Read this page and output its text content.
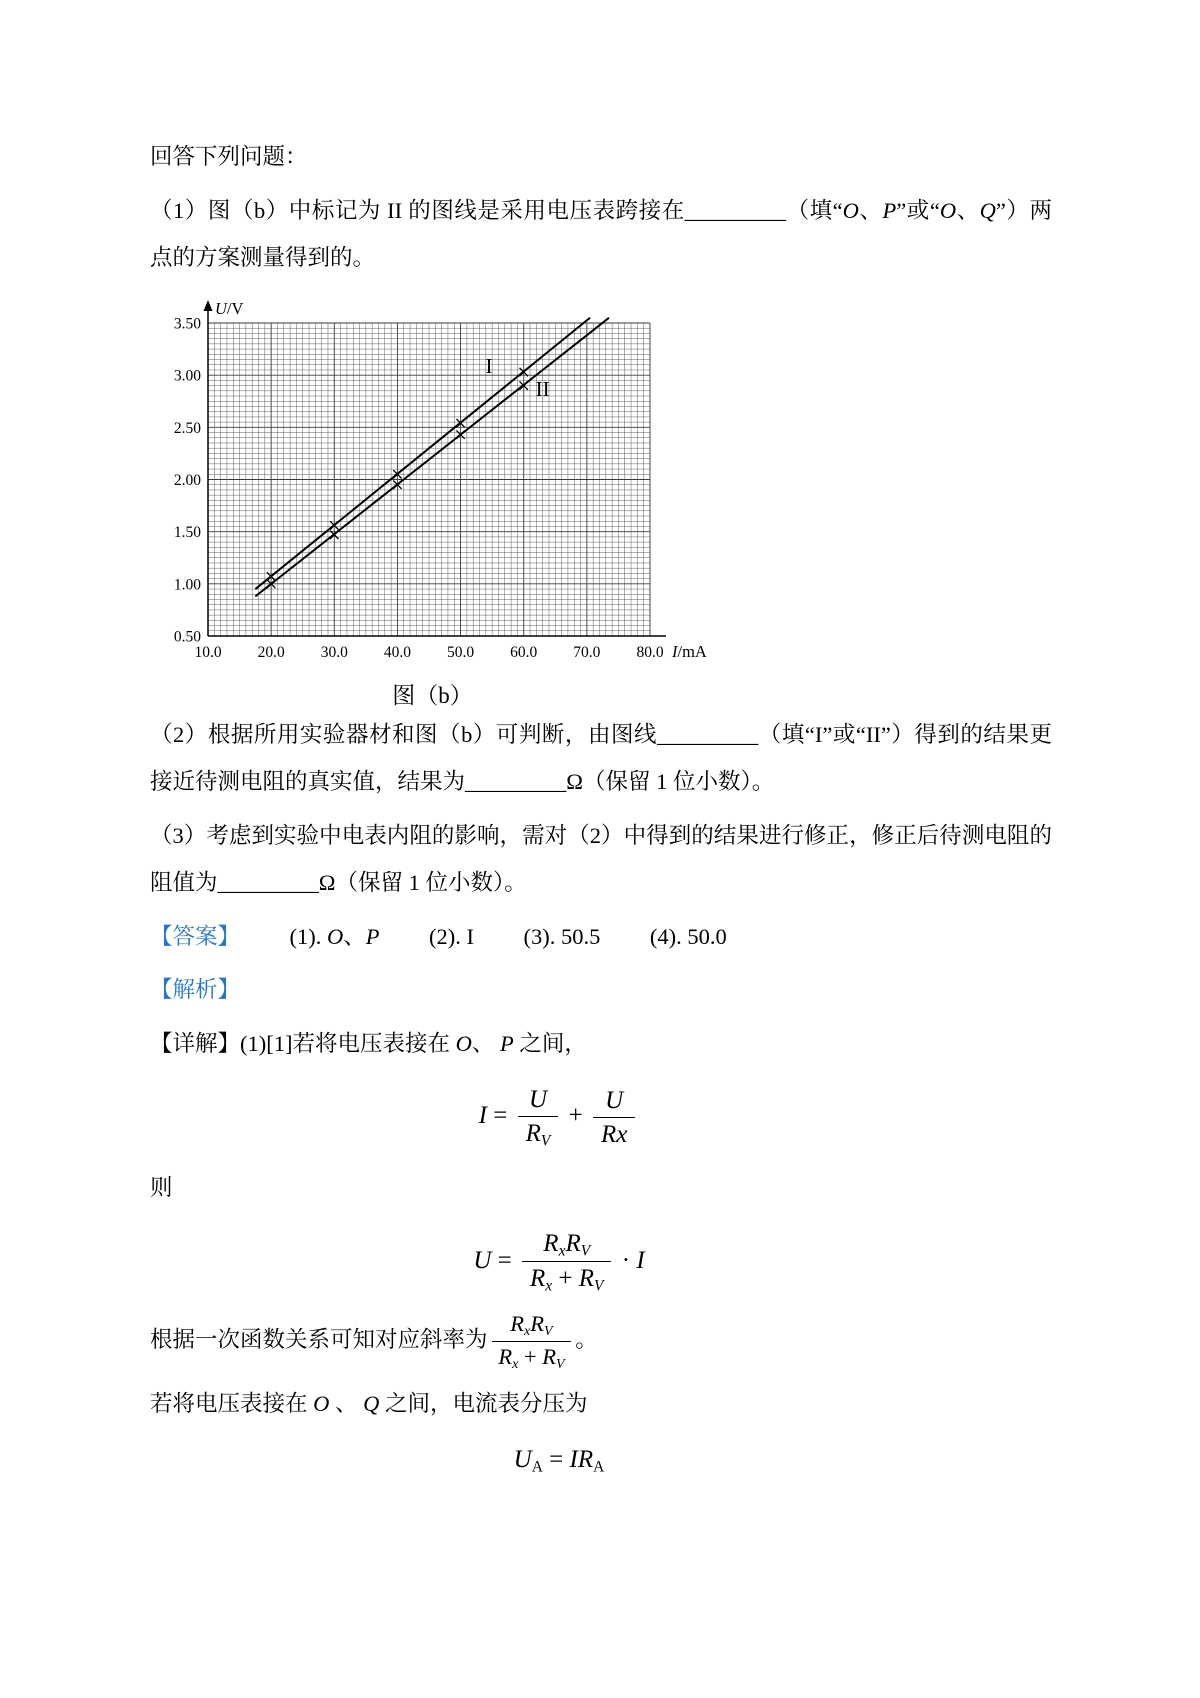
回答下列问题：

（1）图（b）中标记为 II 的图线是采用电压表跨接在_________（填“O、P”或“O、Q”）两点的方案测量得到的。

10.0 20.0 30.0 40.0 50.0 60.0 70.0 80.0
0.50
1.00
1.50
2.00
2.50
3.00
3.50
U/V
I/mA
I
II
图（b）

（2）根据所用实验器材和图（b）可判断，由图线_________（填“I”或“II”）得到的结果更接近待测电阻的真实值，结果为_________Ω（保留 1 位小数）。

（3）考虑到实验中电表内阻的影响，需对（2）中得到的结果进行修正，修正后待测电阻的阻值为_________Ω（保留 1 位小数）。

【答案】 (1). O、P (2). I (3). 50.5 (4). 50.0

【解析】

【详解】(1)[1]若将电压表接在 O、 P 之间，

$I = \frac{U}{RV} + \frac{U}{Rx}$

则

$U = \frac{\text{RxRV}}{Rx + RV} \cdot I$

根据一次函数关系可知对应斜率为 $\frac{\text{RxRV}}{Rx + RV}$ 。

若将电压表接在 O 、 Q 之间，电流表分压为

UA = IRA
